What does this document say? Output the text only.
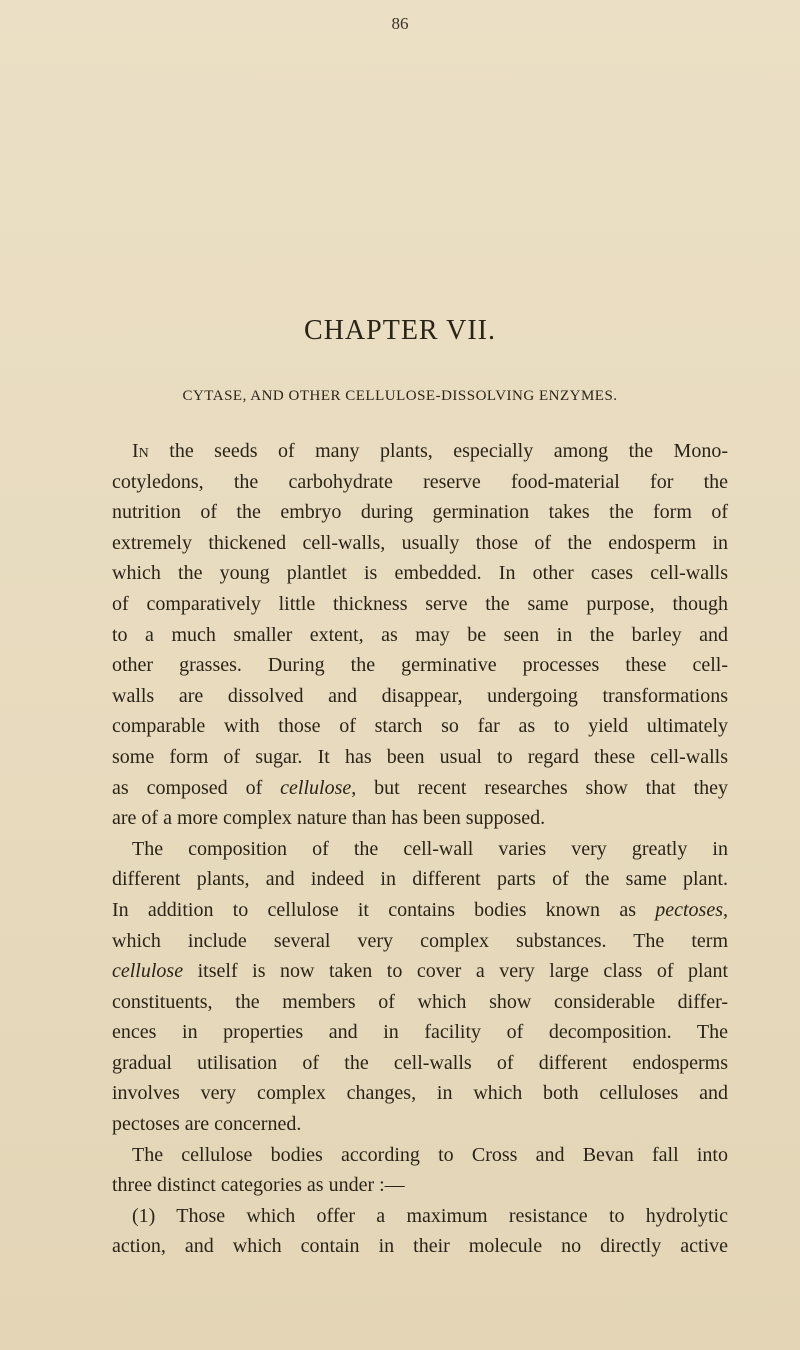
86
CHAPTER VII.
CYTASE, AND OTHER CELLULOSE-DISSOLVING ENZYMES.
In the seeds of many plants, especially among the Mono-
cotyledons, the carbohydrate reserve food-material for the
nutrition of the embryo during germination takes the form of
extremely thickened cell-walls, usually those of the endosperm in
which the young plantlet is embedded. In other cases cell-walls
of comparatively little thickness serve the same purpose, though
to a much smaller extent, as may be seen in the barley and
other grasses. During the germinative processes these cell-
walls are dissolved and disappear, undergoing transformations
comparable with those of starch so far as to yield ultimately
some form of sugar. It has been usual to regard these cell-walls
as composed of cellulose, but recent researches show that they
are of a more complex nature than has been supposed.
The composition of the cell-wall varies very greatly in
different plants, and indeed in different parts of the same plant.
In addition to cellulose it contains bodies known as pectoses,
which include several very complex substances. The term
cellulose itself is now taken to cover a very large class of plant
constituents, the members of which show considerable differ-
ences in properties and in facility of decomposition. The
gradual utilisation of the cell-walls of different endosperms
involves very complex changes, in which both celluloses and
pectoses are concerned.
The cellulose bodies according to Cross and Bevan fall into
three distinct categories as under :—
(1) Those which offer a maximum resistance to hydrolytic
action, and which contain in their molecule no directly active
